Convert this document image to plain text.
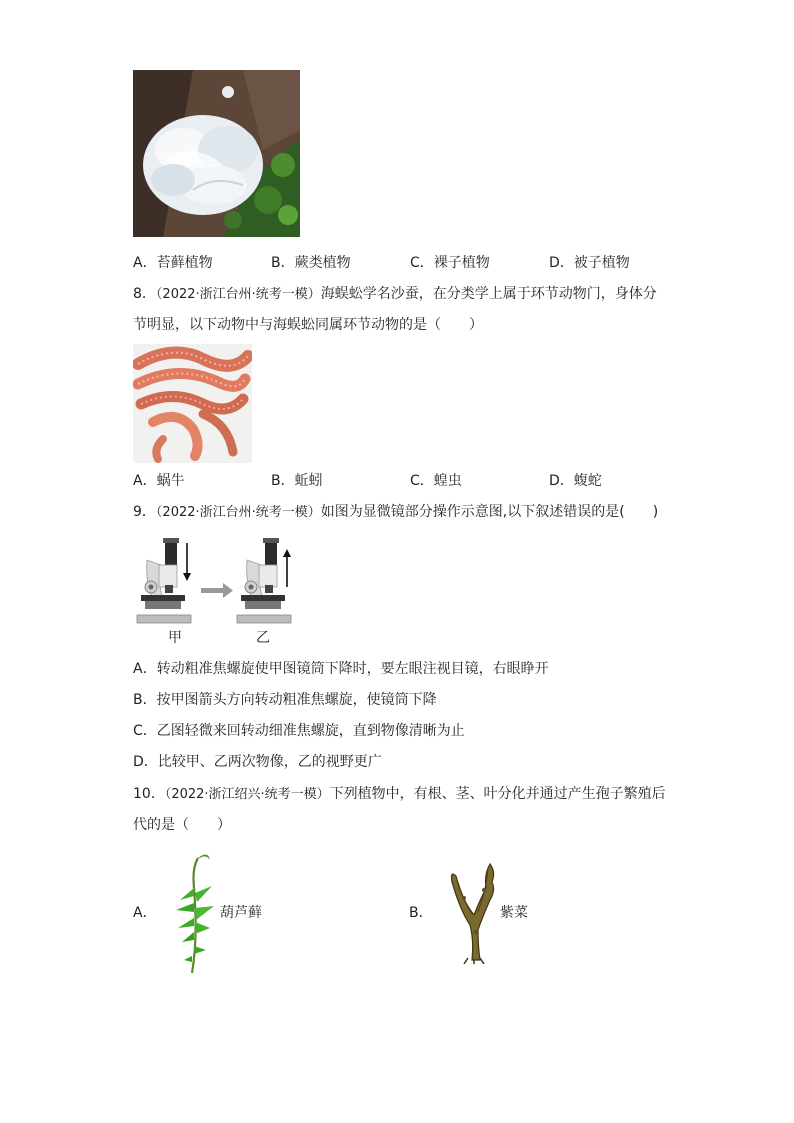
A．苔藓植物	B．蕨类植物	C．裸子植物	D．被子植物
8．（2022·浙江台州·统考一模）海蜈蚣学名沙蚕，在分类学上属于环节动物门，身体分
节明显，以下动物中与海蜈蚣同属环节动物的是（　　）
A．蜗牛	B．蚯蚓	C．蝗虫	D．蝮蛇
9．（2022·浙江台州·统考一模）如图为显微镜部分操作示意图,以下叙述错误的是(　　)
甲	乙
A．转动粗准焦螺旋使甲图镜筒下降时，要左眼注视目镜，右眼睁开
B．按甲图箭头方向转动粗准焦螺旋，使镜筒下降
C．乙图轻微来回转动细准焦螺旋，直到物像清晰为止
D．比较甲、乙两次物像，乙的视野更广
10．（2022·浙江绍兴·统考一模）下列植物中，有根、茎、叶分化并通过产生孢子繁殖后
代的是（　　）
A．	葫芦藓	B．	紫菜
